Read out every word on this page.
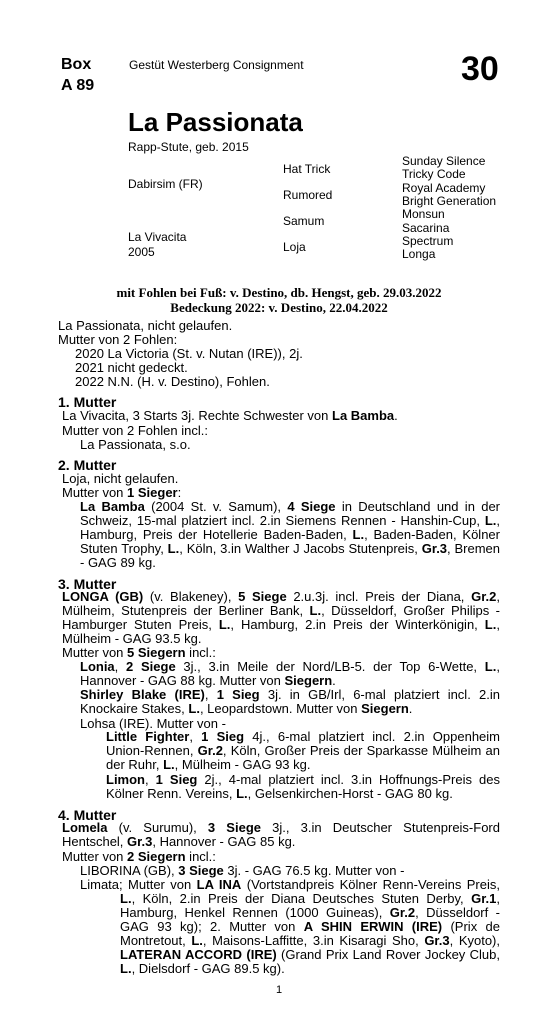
Box
A 89
Gestüt Westerberg Consignment	30
La Passionata
Rapp-Stute, geb. 2015
Dabirsim (FR)
La Vivacita
2005
Hat Trick
Rumored
Samum
Loja
Sunday Silence
Tricky Code
Royal Academy
Bright Generation
Monsun
Sacarina
Spectrum
Longa
mit Fohlen bei Fuß: v. Destino, db. Hengst, geb. 29.03.2022
Bedeckung 2022: v. Destino, 22.04.2022
La Passionata, nicht gelaufen.
Mutter von 2 Fohlen:
2020 La Victoria (St. v. Nutan (IRE)), 2j.
2021 nicht gedeckt.
2022 N.N. (H. v. Destino), Fohlen.
1. Mutter
La Vivacita, 3 Starts 3j. Rechte Schwester von La Bamba.
Mutter von 2 Fohlen incl.:
La Passionata, s.o.
2. Mutter
Loja, nicht gelaufen.
Mutter von 1 Sieger:
La Bamba (2004 St. v. Samum), 4 Siege in Deutschland und in der Schweiz, 15-mal platziert incl. 2.in Siemens Rennen - Hanshin-Cup, L., Hamburg, Preis der Hotellerie Baden-Baden, L., Baden-Baden, Kölner Stuten Trophy, L., Köln, 3.in Walther J Jacobs Stutenpreis, Gr.3, Bremen - GAG 89 kg.
3. Mutter
LONGA (GB) (v. Blakeney), 5 Siege 2.u.3j. incl. Preis der Diana, Gr.2, Mülheim, Stutenpreis der Berliner Bank, L., Düsseldorf, Großer Philips - Hamburger Stuten Preis, L., Hamburg, 2.in Preis der Winterkönigin, L., Mülheim - GAG 93.5 kg.
Mutter von 5 Siegern incl.:
Lonia, 2 Siege 3j., 3.in Meile der Nord/LB-5. der Top 6-Wette, L., Hannover - GAG 88 kg. Mutter von Siegern.
Shirley Blake (IRE), 1 Sieg 3j. in GB/Irl, 6-mal platziert incl. 2.in Knockaire Stakes, L., Leopardstown. Mutter von Siegern.
Lohsa (IRE). Mutter von -
Little Fighter, 1 Sieg 4j., 6-mal platziert incl. 2.in Oppenheim Union-Rennen, Gr.2, Köln, Großer Preis der Sparkasse Mülheim an der Ruhr, L., Mülheim - GAG 93 kg.
Limon, 1 Sieg 2j., 4-mal platziert incl. 3.in Hoffnungs-Preis des Kölner Renn. Vereins, L., Gelsenkirchen-Horst - GAG 80 kg.
4. Mutter
Lomela (v. Surumu), 3 Siege 3j., 3.in Deutscher Stutenpreis-Ford Hentschel, Gr.3, Hannover - GAG 85 kg.
Mutter von 2 Siegern incl.:
LIBORINA (GB), 3 Siege 3j. - GAG 76.5 kg. Mutter von -
Limata; Mutter von LA INA (Vortstandpreis Kölner Renn-Vereins Preis, L., Köln, 2.in Preis der Diana Deutsches Stuten Derby, Gr.1, Hamburg, Henkel Rennen (1000 Guineas), Gr.2, Düsseldorf - GAG 93 kg); 2. Mutter von A SHIN ERWIN (IRE) (Prix de Montretout, L., Maisons-Laffitte, 3.in Kisaragi Sho, Gr.3, Kyoto), LATERAN ACCORD (IRE) (Grand Prix Land Rover Jockey Club, L., Dielsdorf - GAG 89.5 kg).
1
